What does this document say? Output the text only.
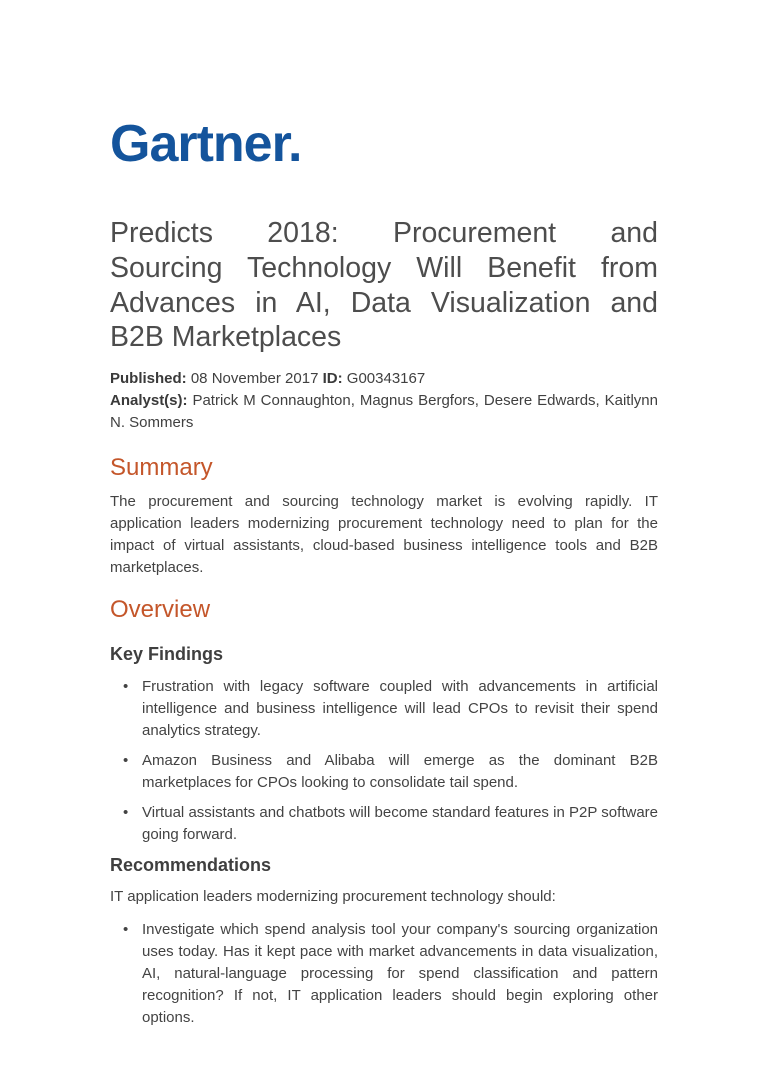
Gartner.
Predicts 2018: Procurement and
Sourcing Technology Will Benefit from
Advances in AI, Data Visualization and
B2B Marketplaces

Published: 08 November 2017 ID: G00343167

Analyst(s): Patrick M Connaughton, Magnus Bergfors, Desere Edwards, Kaitlynn N. Sommers

Summary

The procurement and sourcing technology market is evolving rapidly. IT application leaders modernizing procurement technology need to plan for the impact of virtual assistants, cloud-based business intelligence tools and B2B marketplaces.

Overview
Key Findings
• Frustration with legacy software coupled with advancements in artificial intelligence and business intelligence will lead CPOs to revisit their spend analytics strategy.
• Amazon Business and Alibaba will emerge as the dominant B2B marketplaces for CPOs looking to consolidate tail spend.
• Virtual assistants and chatbots will become standard features in P2P software going forward.
Recommendations

IT application leaders modernizing procurement technology should:

• Investigate which spend analysis tool your company's sourcing organization uses today. Has it kept pace with market advancements in data visualization, AI, natural-language processing for spend classification and pattern recognition? If not, IT application leaders should begin exploring other options.
